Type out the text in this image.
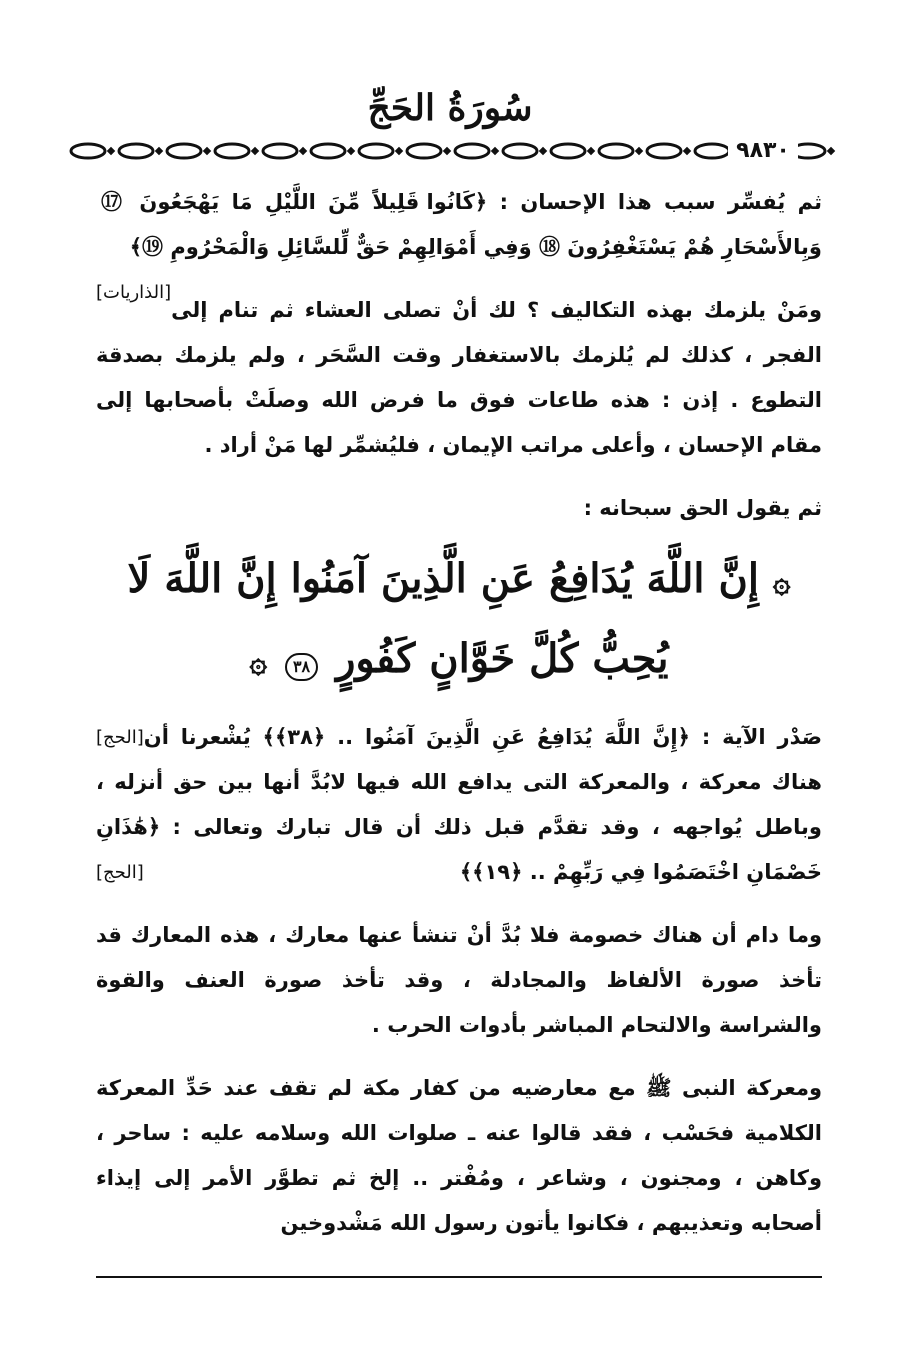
سُورَةُ الحَجِّ
٩٨٣٠

ثم يُفسِّر سبب هذا الإحسان : ﴿كَانُوا قَلِيلاً مِّنَ اللَّيْلِ مَا يَهْجَعُونَ ⑰ وَبِالأَسْحَارِ هُمْ يَسْتَغْفِرُونَ ⑱ وَفِي أَمْوَالِهِمْ حَقٌّ لِّلسَّائِلِ وَالْمَحْرُومِ ⑲﴾
[الذاريات]

ومَنْ يلزمك بهذه التكاليف ؟ لك أنْ تصلى العشاء ثم تنام إلى الفجر ، كذلك لم يُلزمك بالاستغفار وقت السَّحَر ، ولم يلزمك بصدقة التطوع . إذن : هذه طاعات فوق ما فرض الله وصلَتْ بأصحابها إلى مقام الإحسان ، وأعلى مراتب الإيمان ، فليُشمِّر لها مَنْ أراد .

ثم يقول الحق سبحانه :

۞ إِنَّ اللَّهَ يُدَافِعُ عَنِ الَّذِينَ آمَنُوا إِنَّ اللَّهَ لَا يُحِبُّ كُلَّ خَوَّانٍ كَفُورٍ ٣٨ ۞

صَدْر الآية : ﴿إِنَّ اللَّهَ يُدَافِعُ عَنِ الَّذِينَ آمَنُوا .. ﴿٣٨﴾﴾
[الحج] يُشْعرنا أن هناك معركة ، والمعركة التى يدافع الله فيها لابُدَّ أنها بين حق أنزله ، وباطل يُواجهه ، وقد تقدَّم قبل ذلك أن قال تبارك وتعالى : ﴿هَٰذَانِ خَصْمَانِ اخْتَصَمُوا فِي رَبِّهِمْ .. ﴿١٩﴾﴾
[الحج]

وما دام أن هناك خصومة فلا بُدَّ أنْ تنشأ عنها معارك ، هذه المعارك قد تأخذ صورة الألفاظ والمجادلة ، وقد تأخذ صورة العنف والقوة والشراسة والالتحام المباشر بأدوات الحرب .

ومعركة النبى ﷺ مع معارضيه من كفار مكة لم تقف عند حَدِّ المعركة الكلامية فحَسْب ، فقد قالوا عنه ـ صلوات الله وسلامه عليه : ساحر ، وكاهن ، ومجنون ، وشاعر ، ومُفْتر .. إلخ ثم تطوَّر الأمر إلى إيذاء أصحابه وتعذيبهم ، فكانوا يأتون رسول الله مَشْدوخين
